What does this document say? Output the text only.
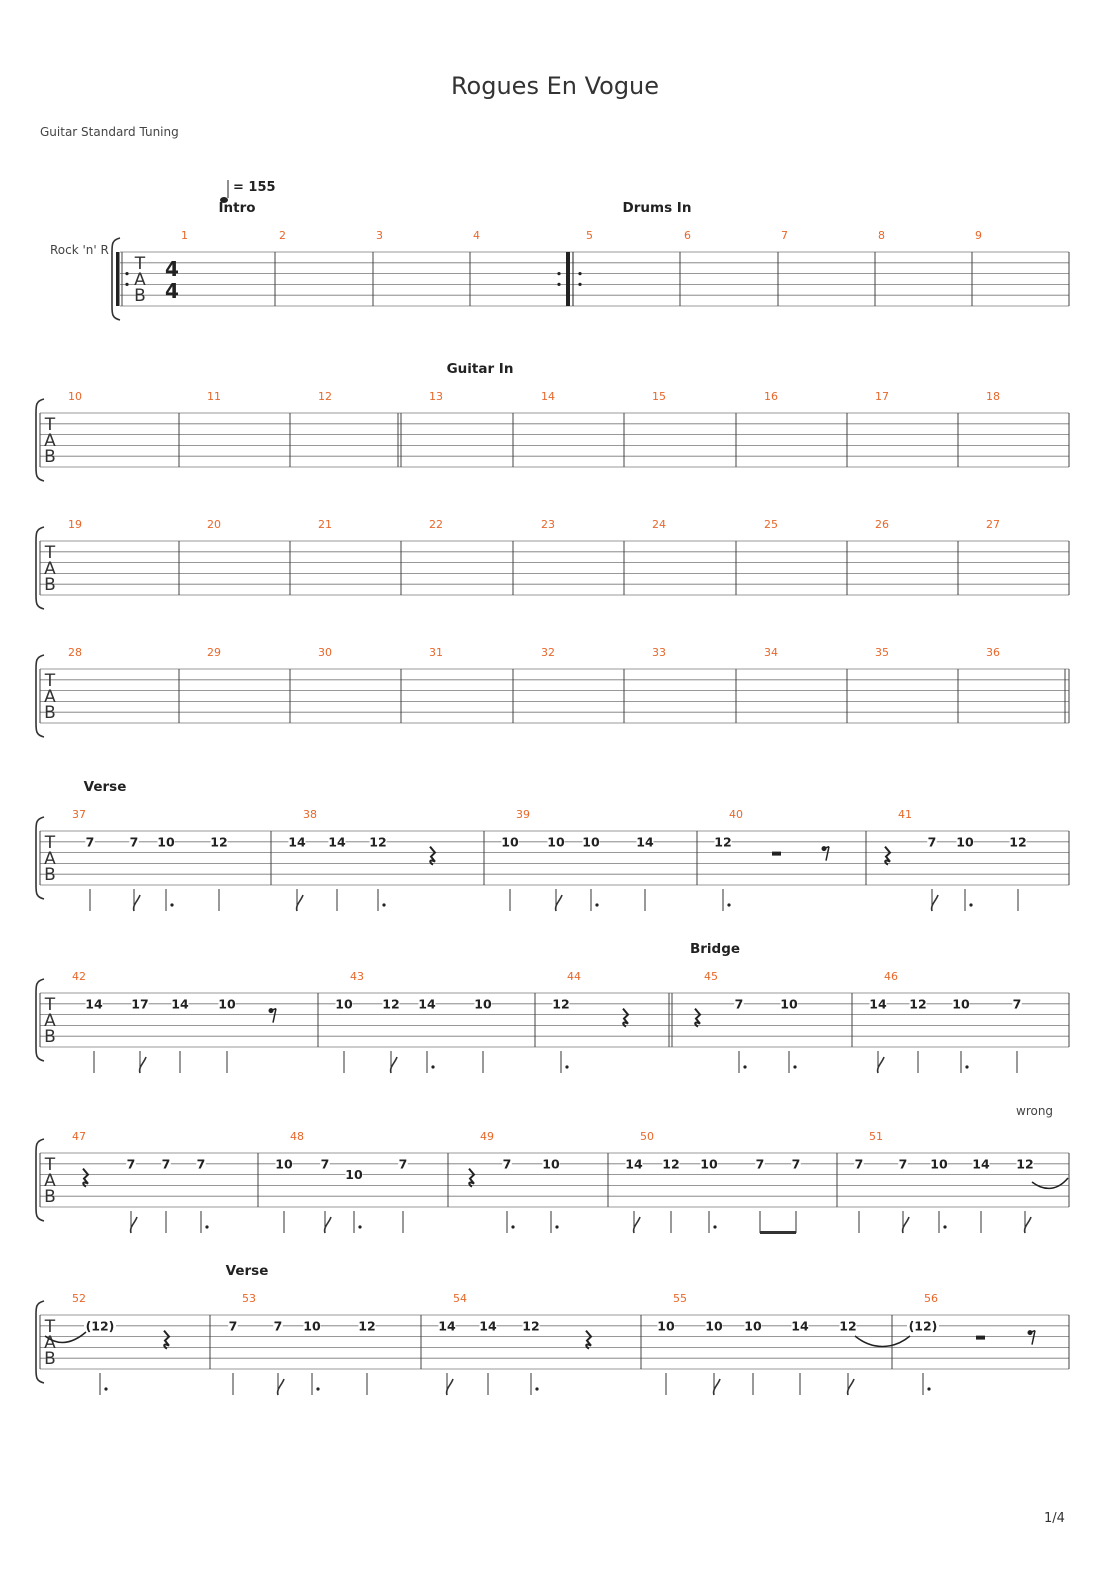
Rogues En Vogue
Guitar Standard Tuning
= 155
Rock 'n' R
wrong
1/4
T
A
B
4
4
1	2	3	4	5	6	7	8	9
T
A
B
10	11	12	13	14	15	16	17	18
T
A
B
19	20	21	22	23	24	25	26	27
T
A
B
28	29	30	31	32	33	34	35	36
T
A
B
37	38	39	40	41
7	7 10	12	14 14 12	10 10 10	14	12	7 10	12
T
A
B
42	43	44	45	46
14 17 14 10	10 12 14	10	12	7	10	14 12 10	7
T
A
B
47	48	49	50	51
7 7 7	10 7
10
7	7 10	14 12 10	7 7	7	7 10 14 12
T
A
B
52	53	54	55	56
(12)	7	7 10	12	14 14 12	10 10 10 14 12	(12)
Intro	Drums In
Guitar In
Verse
Bridge
Verse
